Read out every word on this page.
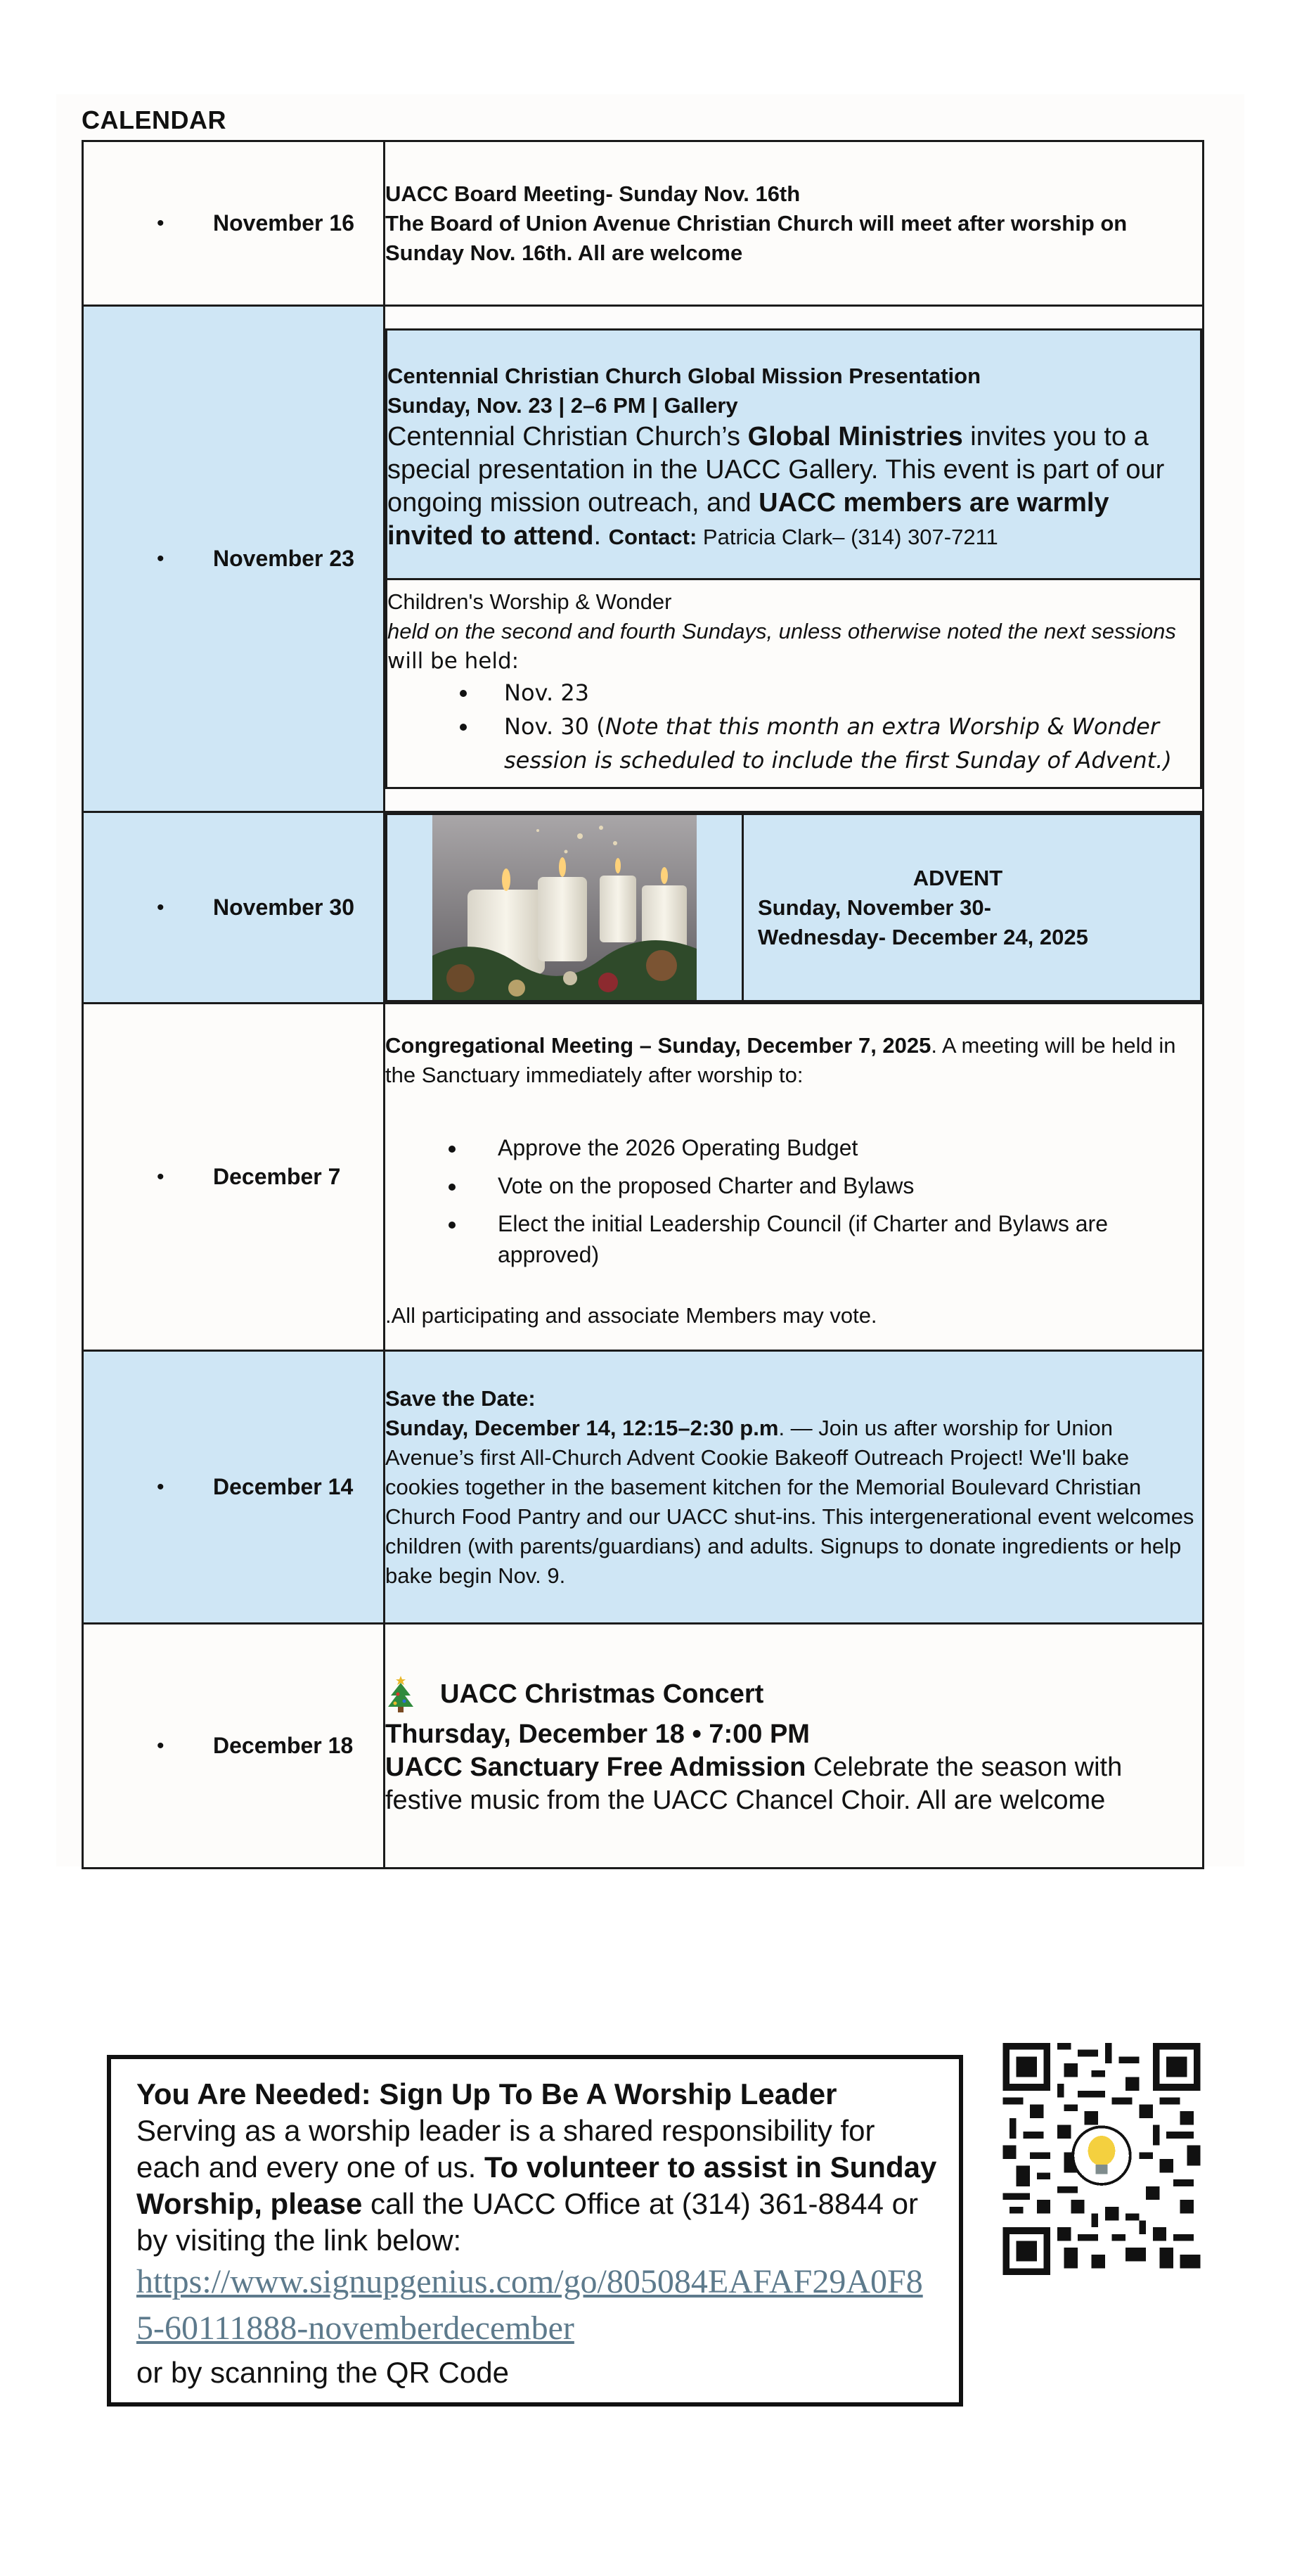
CALENDAR
•	November 16

UACC Board Meeting- Sunday Nov. 16th
The Board of Union Avenue Christian Church will meet after worship on Sunday Nov. 16th. All are welcome

•	November 23

Centennial Christian Church Global Mission Presentation
Sunday, Nov. 23 | 2–6 PM | Gallery
Centennial Christian Church’s Global Ministries invites you to a special presentation in the UACC Gallery. This event is part of our ongoing mission outreach, and UACC members are warmly invited to attend. Contact: Patricia Clark– (314) 307-7211

Children's Worship & Wonder
held on the second and fourth Sundays, unless otherwise noted the next sessions will be held:
• Nov. 23
• Nov. 30 (Note that this month an extra Worship & Wonder session is scheduled to include the first Sunday of Advent.)

•	November 30

ADVENT
Sunday, November 30-
Wednesday- December 24, 2025

•	December 7

Congregational Meeting – Sunday, December 7, 2025. A meeting will be held in the Sanctuary immediately after worship to:
• Approve the 2026 Operating Budget
• Vote on the proposed Charter and Bylaws
• Elect the initial Leadership Council (if Charter and Bylaws are approved)
.All participating and associate Members may vote.

•	December 14

Save the Date:
Sunday, December 14, 12:15–2:30 p.m. — Join us after worship for Union Avenue’s first All-Church Advent Cookie Bakeoff Outreach Project! We'll bake cookies together in the basement kitchen for the Memorial Boulevard Christian Church Food Pantry and our UACC shut-ins. This intergenerational event welcomes children (with parents/guardians) and adults. Signups to donate ingredients or help bake begin Nov. 9.

•	December 18

UACC Christmas Concert
Thursday, December 18 • 7:00 PM
UACC Sanctuary Free Admission Celebrate the season with festive music from the UACC Chancel Choir. All are welcome
You Are Needed: Sign Up To Be A Worship Leader
Serving as a worship leader is a shared responsibility for each and every one of us. To volunteer to assist in Sunday Worship, please call the UACC Office at (314) 361-8844 or by visiting the link below:
https://www.signupgenius.com/go/805084EAFAF29A0F85-60111888-novemberdecember
or by scanning the QR Code
